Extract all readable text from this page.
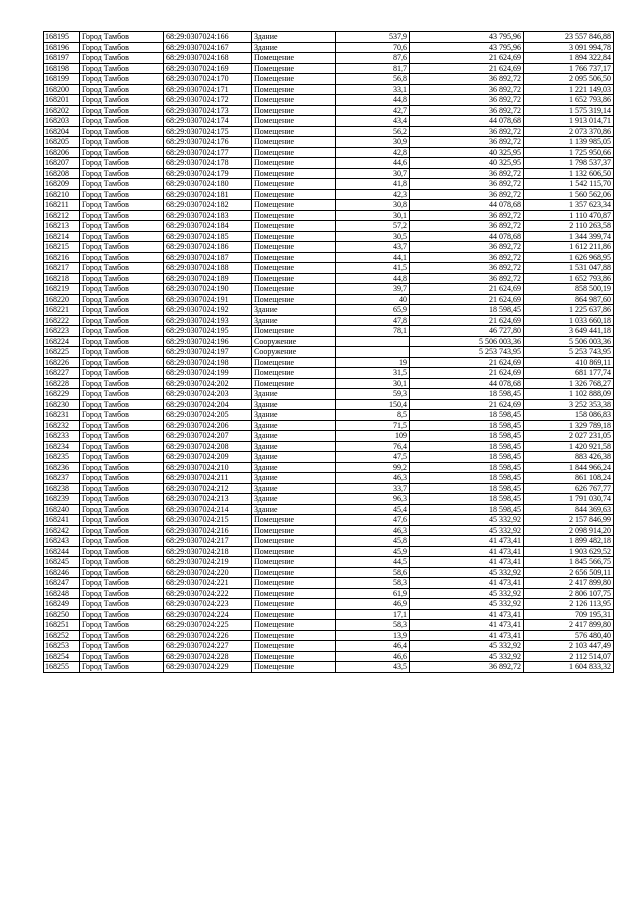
168195	Город Тамбов	68:29:0307024:166	Здание	537,9	43 795,96	23 557 846,88
168196	Город Тамбов	68:29:0307024:167	Здание	70,6	43 795,96	3 091 994,78
168197	Город Тамбов	68:29:0307024:168	Помещение	87,6	21 624,69	1 894 322,84
168198	Город Тамбов	68:29:0307024:169	Помещение	81,7	21 624,69	1 766 737,17
168199	Город Тамбов	68:29:0307024:170	Помещение	56,8	36 892,72	2 095 506,50
168200	Город Тамбов	68:29:0307024:171	Помещение	33,1	36 892,72	1 221 149,03
168201	Город Тамбов	68:29:0307024:172	Помещение	44,8	36 892,72	1 652 793,86
168202	Город Тамбов	68:29:0307024:173	Помещение	42,7	36 892,72	1 575 319,14
168203	Город Тамбов	68:29:0307024:174	Помещение	43,4	44 078,68	1 913 014,71
168204	Город Тамбов	68:29:0307024:175	Помещение	56,2	36 892,72	2 073 370,86
168205	Город Тамбов	68:29:0307024:176	Помещение	30,9	36 892,72	1 139 985,05
168206	Город Тамбов	68:29:0307024:177	Помещение	42,8	40 325,95	1 725 950,66
168207	Город Тамбов	68:29:0307024:178	Помещение	44,6	40 325,95	1 798 537,37
168208	Город Тамбов	68:29:0307024:179	Помещение	30,7	36 892,72	1 132 606,50
168209	Город Тамбов	68:29:0307024:180	Помещение	41,8	36 892,72	1 542 115,70
168210	Город Тамбов	68:29:0307024:181	Помещение	42,3	36 892,72	1 560 562,06
168211	Город Тамбов	68:29:0307024:182	Помещение	30,8	44 078,68	1 357 623,34
168212	Город Тамбов	68:29:0307024:183	Помещение	30,1	36 892,72	1 110 470,87
168213	Город Тамбов	68:29:0307024:184	Помещение	57,2	36 892,72	2 110 263,58
168214	Город Тамбов	68:29:0307024:185	Помещение	30,5	44 078,68	1 344 399,74
168215	Город Тамбов	68:29:0307024:186	Помещение	43,7	36 892,72	1 612 211,86
168216	Город Тамбов	68:29:0307024:187	Помещение	44,1	36 892,72	1 626 968,95
168217	Город Тамбов	68:29:0307024:188	Помещение	41,5	36 892,72	1 531 047,88
168218	Город Тамбов	68:29:0307024:189	Помещение	44,8	36 892,72	1 652 793,86
168219	Город Тамбов	68:29:0307024:190	Помещение	39,7	21 624,69	858 500,19
168220	Город Тамбов	68:29:0307024:191	Помещение	40	21 624,69	864 987,60
168221	Город Тамбов	68:29:0307024:192	Здание	65,9	18 598,45	1 225 637,86
168222	Город Тамбов	68:29:0307024:193	Здание	47,8	21 624,69	1 033 660,18
168223	Город Тамбов	68:29:0307024:195	Помещение	78,1	46 727,80	3 649 441,18
168224	Город Тамбов	68:29:0307024:196	Сооружение		5 506 003,36	5 506 003,36
168225	Город Тамбов	68:29:0307024:197	Сооружение		5 253 743,95	5 253 743,95
168226	Город Тамбов	68:29:0307024:198	Помещение	19	21 624,69	410 869,11
168227	Город Тамбов	68:29:0307024:199	Помещение	31,5	21 624,69	681 177,74
168228	Город Тамбов	68:29:0307024:202	Помещение	30,1	44 078,68	1 326 768,27
168229	Город Тамбов	68:29:0307024:203	Здание	59,3	18 598,45	1 102 888,09
168230	Город Тамбов	68:29:0307024:204	Здание	150,4	21 624,69	3 252 353,38
168231	Город Тамбов	68:29:0307024:205	Здание	8,5	18 598,45	158 086,83
168232	Город Тамбов	68:29:0307024:206	Здание	71,5	18 598,45	1 329 789,18
168233	Город Тамбов	68:29:0307024:207	Здание	109	18 598,45	2 027 231,05
168234	Город Тамбов	68:29:0307024:208	Здание	76,4	18 598,45	1 420 921,58
168235	Город Тамбов	68:29:0307024:209	Здание	47,5	18 598,45	883 426,38
168236	Город Тамбов	68:29:0307024:210	Здание	99,2	18 598,45	1 844 966,24
168237	Город Тамбов	68:29:0307024:211	Здание	46,3	18 598,45	861 108,24
168238	Город Тамбов	68:29:0307024:212	Здание	33,7	18 598,45	626 767,77
168239	Город Тамбов	68:29:0307024:213	Здание	96,3	18 598,45	1 791 030,74
168240	Город Тамбов	68:29:0307024:214	Здание	45,4	18 598,45	844 369,63
168241	Город Тамбов	68:29:0307024:215	Помещение	47,6	45 332,92	2 157 846,99
168242	Город Тамбов	68:29:0307024:216	Помещение	46,3	45 332,92	2 098 914,20
168243	Город Тамбов	68:29:0307024:217	Помещение	45,8	41 473,41	1 899 482,18
168244	Город Тамбов	68:29:0307024:218	Помещение	45,9	41 473,41	1 903 629,52
168245	Город Тамбов	68:29:0307024:219	Помещение	44,5	41 473,41	1 845 566,75
168246	Город Тамбов	68:29:0307024:220	Помещение	58,6	45 332,92	2 656 509,11
168247	Город Тамбов	68:29:0307024:221	Помещение	58,3	41 473,41	2 417 899,80
168248	Город Тамбов	68:29:0307024:222	Помещение	61,9	45 332,92	2 806 107,75
168249	Город Тамбов	68:29:0307024:223	Помещение	46,9	45 332,92	2 126 113,95
168250	Город Тамбов	68:29:0307024:224	Помещение	17,1	41 473,41	709 195,31
168251	Город Тамбов	68:29:0307024:225	Помещение	58,3	41 473,41	2 417 899,80
168252	Город Тамбов	68:29:0307024:226	Помещение	13,9	41 473,41	576 480,40
168253	Город Тамбов	68:29:0307024:227	Помещение	46,4	45 332,92	2 103 447,49
168254	Город Тамбов	68:29:0307024:228	Помещение	46,6	45 332,92	2 112 514,07
168255	Город Тамбов	68:29:0307024:229	Помещение	43,5	36 892,72	1 604 833,32
